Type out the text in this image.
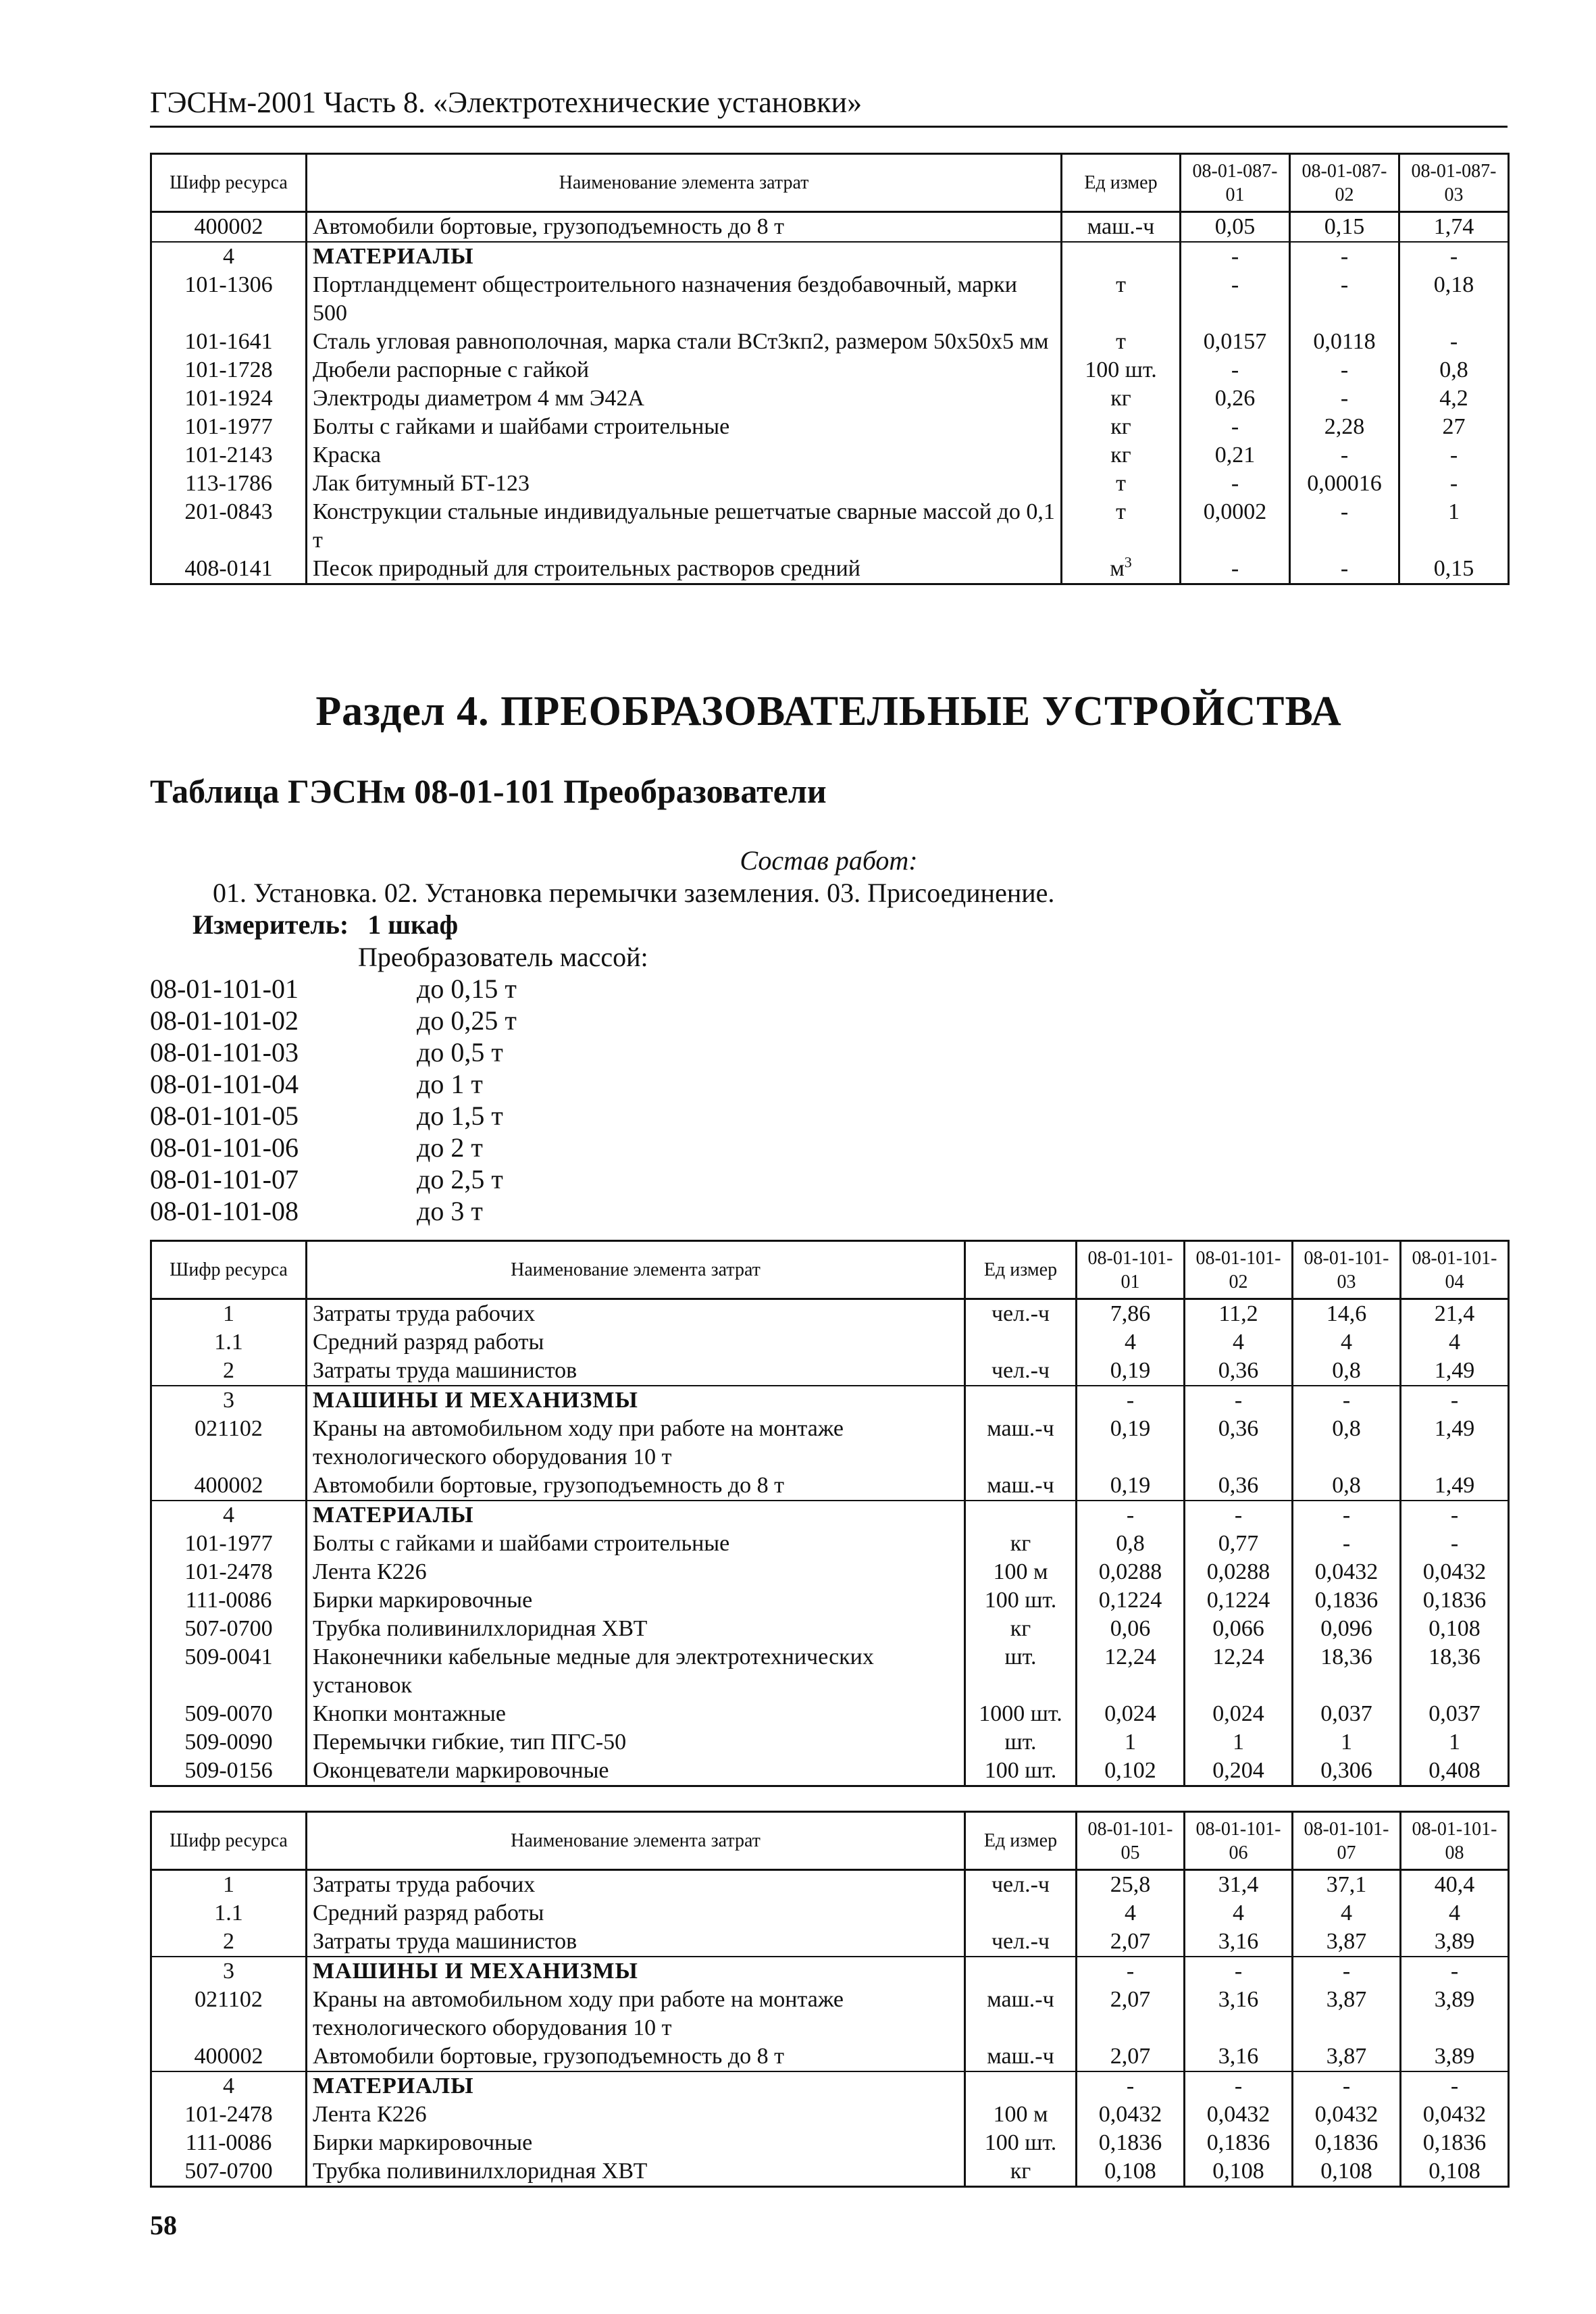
ГЭСНм-2001 Часть 8. «Электротехнические установки»
Шифр ресурса	Наименование элемента затрат	Ед измер	08-01-087-01	08-01-087-02	08-01-087-03
400002	Автомобили бортовые, грузоподъемность до 8 т	маш.-ч	0,05	0,15	1,74
4	МАТЕРИАЛЫ		-	-	-
101-1306	Портландцемент общестроительного назначения бездобавочный, марки 500	т	-	-	0,18
101-1641	Сталь угловая равнополочная, марка стали ВСт3кп2, размером 50х50х5 мм	т	0,0157	0,0118	-
101-1728	Дюбели распорные с гайкой	100 шт.	-	-	0,8
101-1924	Электроды диаметром 4 мм Э42А	кг	0,26	-	4,2
101-1977	Болты с гайками и шайбами строительные	кг	-	2,28	27
101-2143	Краска	кг	0,21	-	-
113-1786	Лак битумный БТ-123	т	-	0,00016	-
201-0843	Конструкции стальные индивидуальные решетчатые сварные массой до 0,1 т	т	0,0002	-	1
408-0141	Песок природный для строительных растворов средний	$м^3$	-	-	0,15
Раздел 4. ПРЕОБРАЗОВАТЕЛЬНЫЕ УСТРОЙСТВА
Таблица ГЭСНм 08-01-101 Преобразователи
Состав работ:
01. Установка. 02. Установка перемычки заземления. 03. Присоединение.
Измеритель: 1 шкаф
Преобразователь массой:
08-01-101-01	до 0,15 т
08-01-101-02	до 0,25 т
08-01-101-03	до 0,5 т
08-01-101-04	до 1 т
08-01-101-05	до 1,5 т
08-01-101-06	до 2 т
08-01-101-07	до 2,5 т
08-01-101-08	до 3 т
Шифр ресурса	Наименование элемента затрат	Ед измер	08-01-101-01	08-01-101-02	08-01-101-03	08-01-101-04
1	Затраты труда рабочих	чел.-ч	7,86	11,2	14,6	21,4
1.1	Средний разряд работы		4	4	4	4
2	Затраты труда машинистов	чел.-ч	0,19	0,36	0,8	1,49
3	МАШИНЫ И МЕХАНИЗМЫ		-	-	-	-
021102	Краны на автомобильном ходу при работе на монтаже технологического оборудования 10 т	маш.-ч	0,19	0,36	0,8	1,49
400002	Автомобили бортовые, грузоподъемность до 8 т	маш.-ч	0,19	0,36	0,8	1,49
4	МАТЕРИАЛЫ		-	-	-	-
101-1977	Болты с гайками и шайбами строительные	кг	0,8	0,77	-	-
101-2478	Лента К226	100 м	0,0288	0,0288	0,0432	0,0432
111-0086	Бирки маркировочные	100 шт.	0,1224	0,1224	0,1836	0,1836
507-0700	Трубка поливинилхлоридная ХВТ	кг	0,06	0,066	0,096	0,108
509-0041	Наконечники кабельные медные для электротехнических установок	шт.	12,24	12,24	18,36	18,36
509-0070	Кнопки монтажные	1000 шт.	0,024	0,024	0,037	0,037
509-0090	Перемычки гибкие, тип ПГС-50	шт.	1	1	1	1
509-0156	Оконцеватели маркировочные	100 шт.	0,102	0,204	0,306	0,408
Шифр ресурса	Наименование элемента затрат	Ед измер	08-01-101-05	08-01-101-06	08-01-101-07	08-01-101-08
1	Затраты труда рабочих	чел.-ч	25,8	31,4	37,1	40,4
1.1	Средний разряд работы		4	4	4	4
2	Затраты труда машинистов	чел.-ч	2,07	3,16	3,87	3,89
3	МАШИНЫ И МЕХАНИЗМЫ		-	-	-	-
021102	Краны на автомобильном ходу при работе на монтаже технологического оборудования 10 т	маш.-ч	2,07	3,16	3,87	3,89
400002	Автомобили бортовые, грузоподъемность до 8 т	маш.-ч	2,07	3,16	3,87	3,89
4	МАТЕРИАЛЫ		-	-	-	-
101-2478	Лента К226	100 м	0,0432	0,0432	0,0432	0,0432
111-0086	Бирки маркировочные	100 шт.	0,1836	0,1836	0,1836	0,1836
507-0700	Трубка поливинилхлоридная ХВТ	кг	0,108	0,108	0,108	0,108
58
